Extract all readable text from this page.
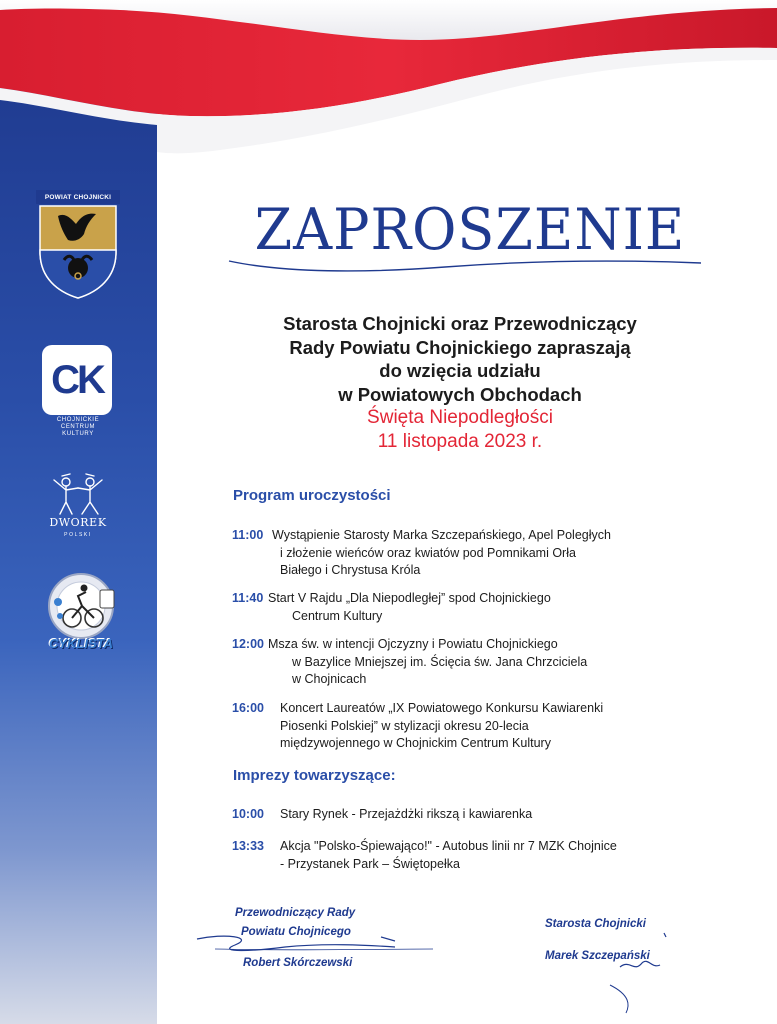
POWIAT CHOJNICKI
CK
CHOJNICKIE
CENTRUM
KULTURY
DWOREK
POLSKI
CYKLISTA
ZAPROSZENIE
Starosta Chojnicki oraz Przewodniczący
Rady Powiatu Chojnickiego zapraszają
do wzięcia udziału
w Powiatowych Obchodach
Święta Niepodległości
11 listopada 2023 r.
Program uroczystości
11:00 Wystąpienie Starosty Marka Szczepańskiego, Apel Poległych
i złożenie wieńców oraz kwiatów pod Pomnikami Orła
Białego i Chrystusa Króla
11:40 Start V Rajdu „Dla Niepodległej” spod Chojnickiego
Centrum Kultury
12:00 Msza św. w intencji Ojczyzny i Powiatu Chojnickiego
w Bazylice Mniejszej im. Ścięcia św. Jana Chrzciciela
w Chojnicach
16:00 Koncert Laureatów „IX Powiatowego Konkursu Kawiarenki
Piosenki Polskiej” w stylizacji okresu 20-lecia
międzywojennego w Chojnickim Centrum Kultury
Imprezy towarzyszące:
10:00 Stary Rynek - Przejażdżki rikszą i kawiarenka
13:33 Akcja "Polsko-Śpiewająco!" - Autobus linii nr 7 MZK Chojnice
- Przystanek Park – Świętopełka
Przewodniczący Rady
Powiatu Chojnicego
Robert Skórczewski
Starosta Chojnicki
Marek Szczepański
